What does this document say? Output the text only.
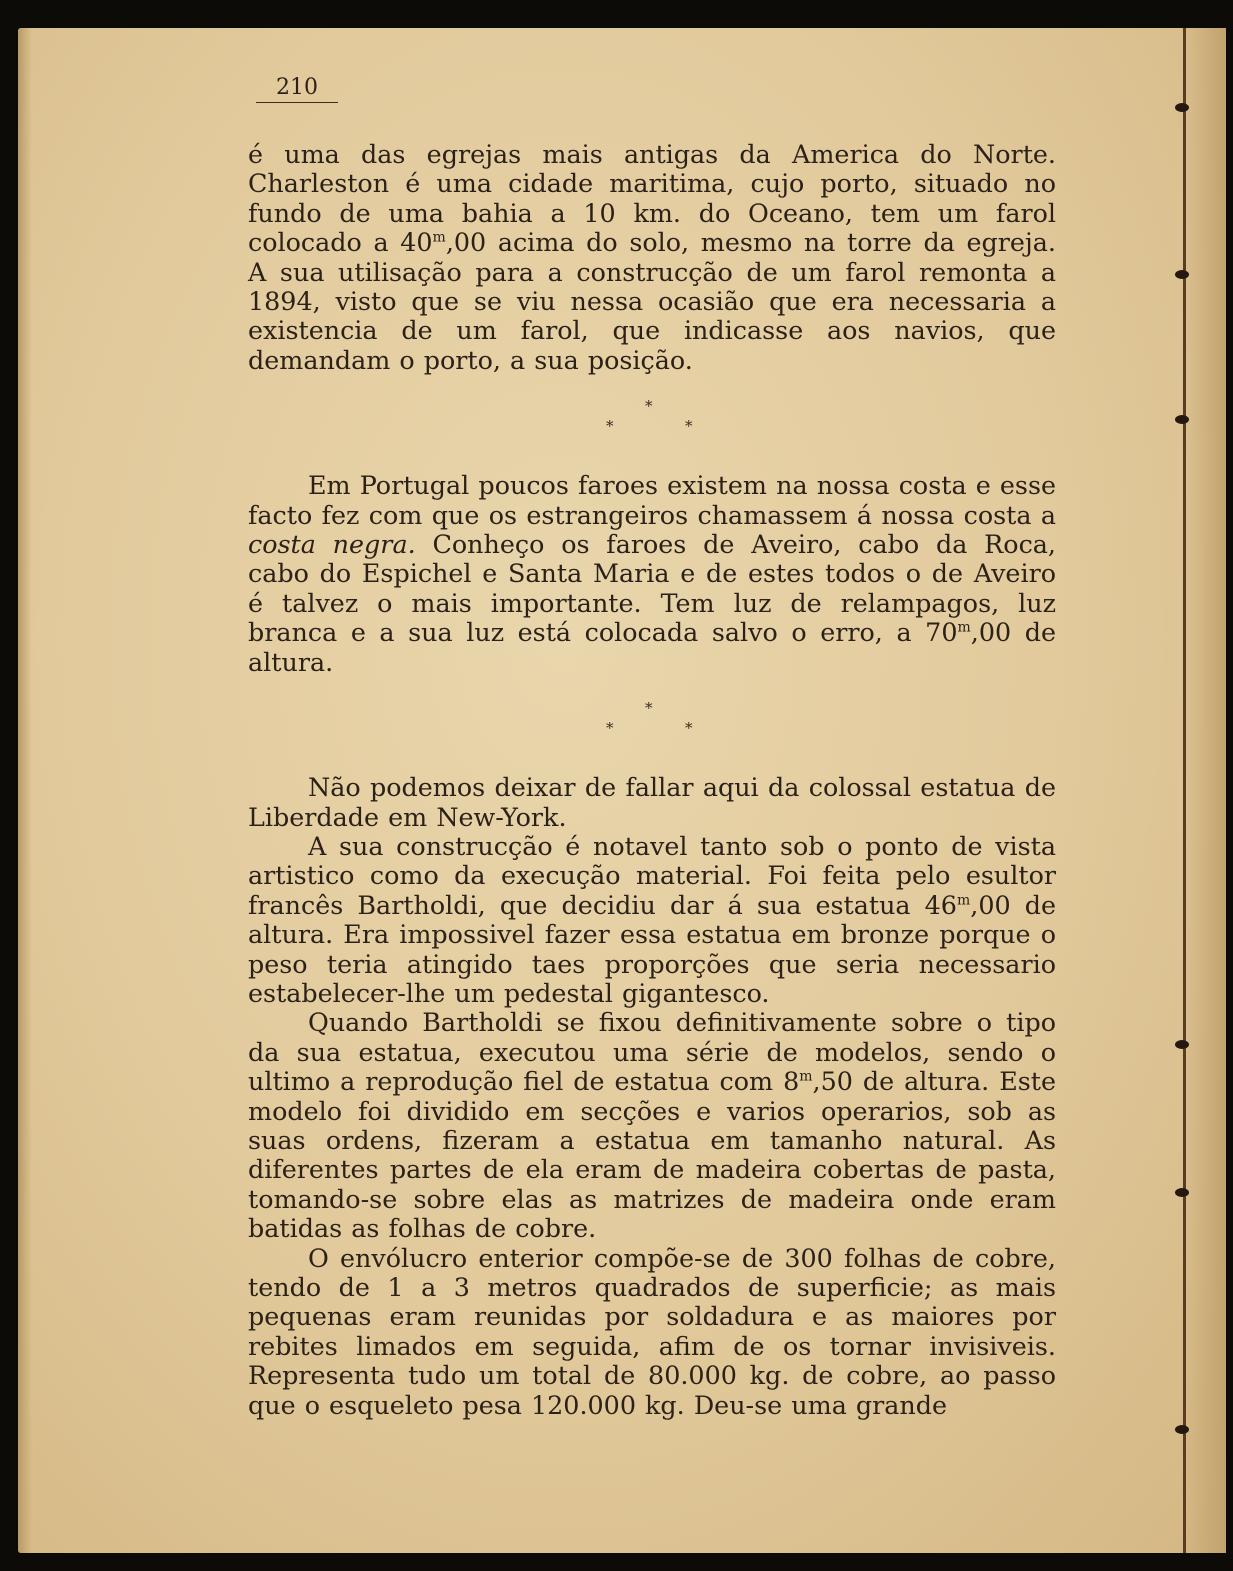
210

é uma das egrejas mais antigas da America do Norte. Charleston é uma cidade maritima, cujo porto, situado no fundo de uma bahia a 10 km. do Oceano, tem um farol colocado a 40$^m$,00 acima do solo, mesmo na torre da egreja. A sua utilisação para a construcção de um farol remonta a 1894, visto que se viu nessa ocasião que era necessaria a existencia de um farol, que indicasse aos navios, que demandam o porto, a sua posição.

*
*	*

Em Portugal poucos faroes existem na nossa costa e esse facto fez com que os estrangeiros chamassem á nossa costa a costa negra. Conheço os faroes de Aveiro, cabo da Roca, cabo do Espichel e Santa Maria e de estes todos o de Aveiro é talvez o mais importante. Tem luz de relampagos, luz branca e a sua luz está colocada salvo o erro, a 70$^m$,00 de altura.

*
*	*

Não podemos deixar de fallar aqui da colossal estatua de Liberdade em New-York.

A sua construcção é notavel tanto sob o ponto de vista artistico como da execução material. Foi feita pelo esultor francês Bartholdi, que decidiu dar á sua estatua 46$^m$,00 de altura. Era impossivel fazer essa estatua em bronze porque o peso teria atingido taes proporções que seria necessario estabelecer-lhe um pedestal gigantesco.

Quando Bartholdi se fixou definitivamente sobre o tipo da sua estatua, executou uma série de modelos, sendo o ultimo a reprodução fiel de estatua com 8$^m$,50 de altura. Este modelo foi dividido em secções e varios operarios, sob as suas ordens, fizeram a estatua em tamanho natural. As diferentes partes de ela eram de madeira cobertas de pasta, tomando-se sobre elas as matrizes de madeira onde eram batidas as folhas de cobre.

O envólucro enterior compõe-se de 300 folhas de cobre, tendo de 1 a 3 metros quadrados de superficie; as mais pequenas eram reunidas por soldadura e as maiores por rebites limados em seguida, afim de os tornar invisiveis. Representa tudo um total de 80.000 kg. de cobre, ao passo que o esqueleto pesa 120.000 kg. Deu-se uma grande
